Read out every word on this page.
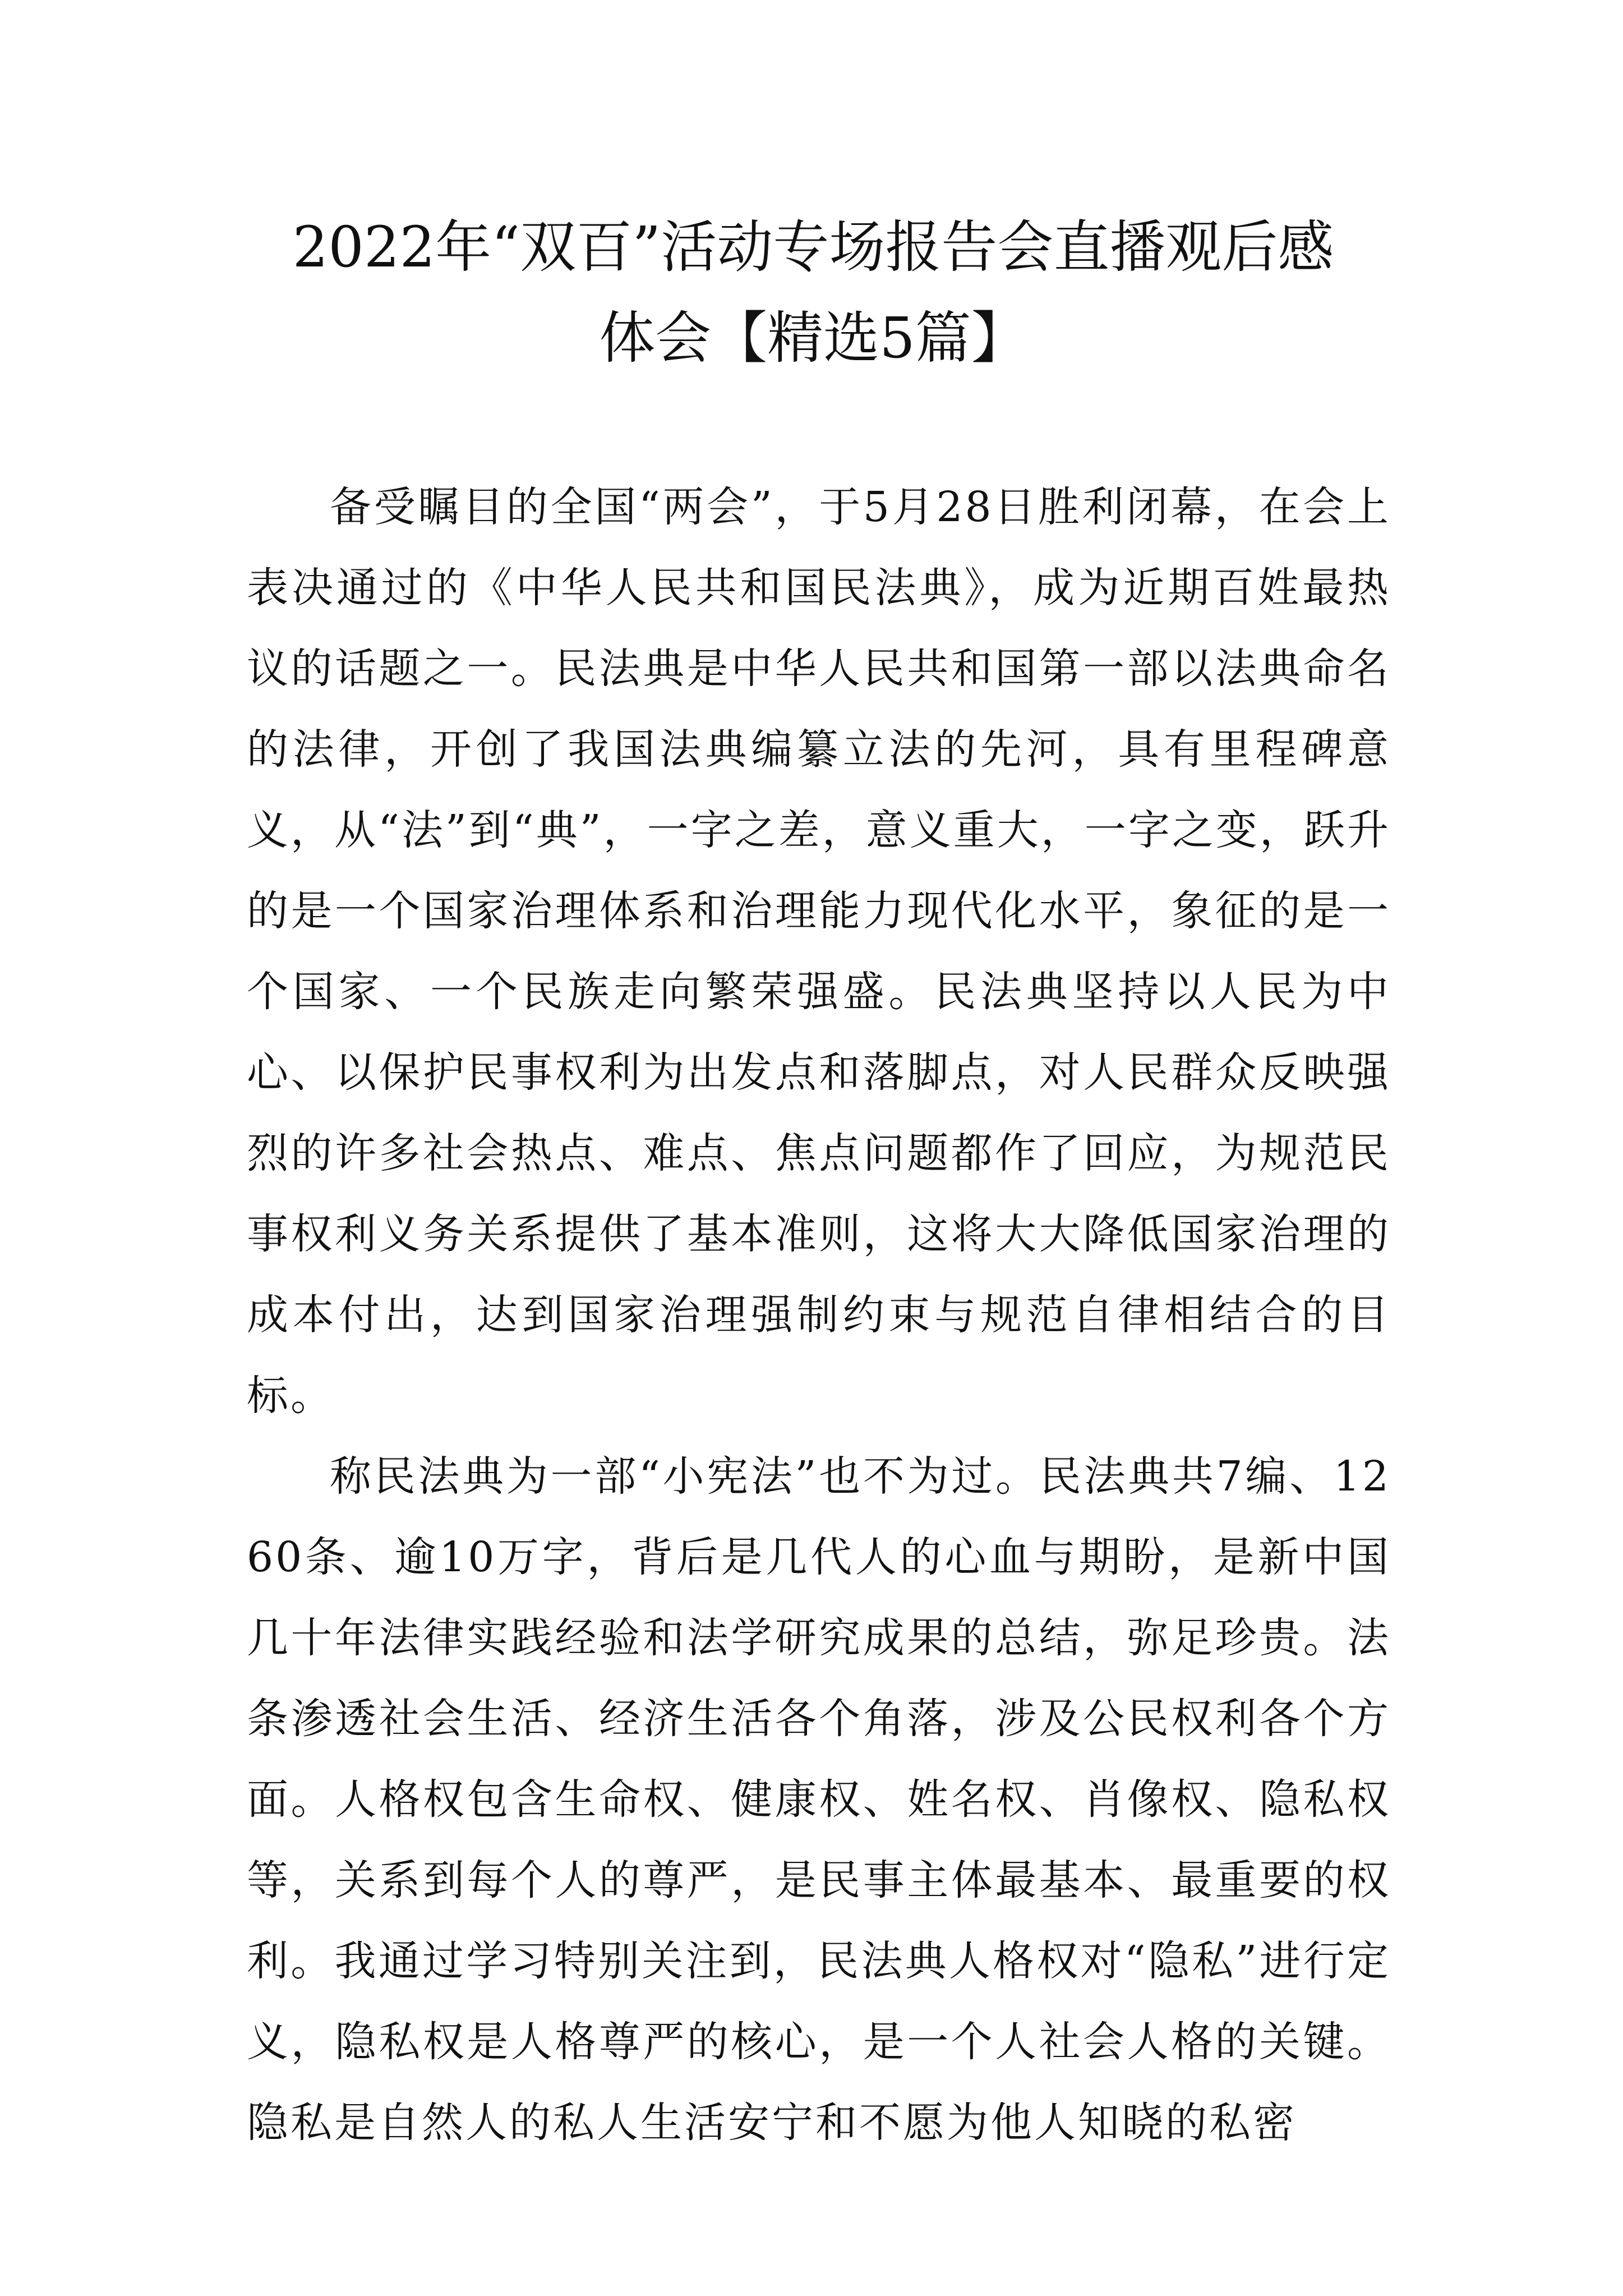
2022年“双百”活动专场报告会直播观后感
体会【精选5篇】

备受瞩目的全国“两会”，于5月28日胜利闭幕，在会上表决通过的《中华人民共和国民法典》，成为近期百姓最热议的话题之一。民法典是中华人民共和国第一部以法典命名的法律，开创了我国法典编纂立法的先河，具有里程碑意义，从“法”到“典”，一字之差，意义重大，一字之变，跃升的是一个国家治理体系和治理能力现代化水平，象征的是一个国家、一个民族走向繁荣强盛。民法典坚持以人民为中心、以保护民事权利为出发点和落脚点，对人民群众反映强烈的许多社会热点、难点、焦点问题都作了回应，为规范民事权利义务关系提供了基本准则，这将大大降低国家治理的成本付出，达到国家治理强制约束与规范自律相结合的目标。

称民法典为一部“小宪法”也不为过。民法典共7编、1260条、逾10万字，背后是几代人的心血与期盼，是新中国几十年法律实践经验和法学研究成果的总结，弥足珍贵。法条渗透社会生活、经济生活各个角落，涉及公民权利各个方面。人格权包含生命权、健康权、姓名权、肖像权、隐私权等，关系到每个人的尊严，是民事主体最基本、最重要的权利。我通过学习特别关注到，民法典人格权对“隐私”进行定义，隐私权是人格尊严的核心，是一个人社会人格的关键。隐私是自然人的私人生活安宁和不愿为他人知晓的私密
